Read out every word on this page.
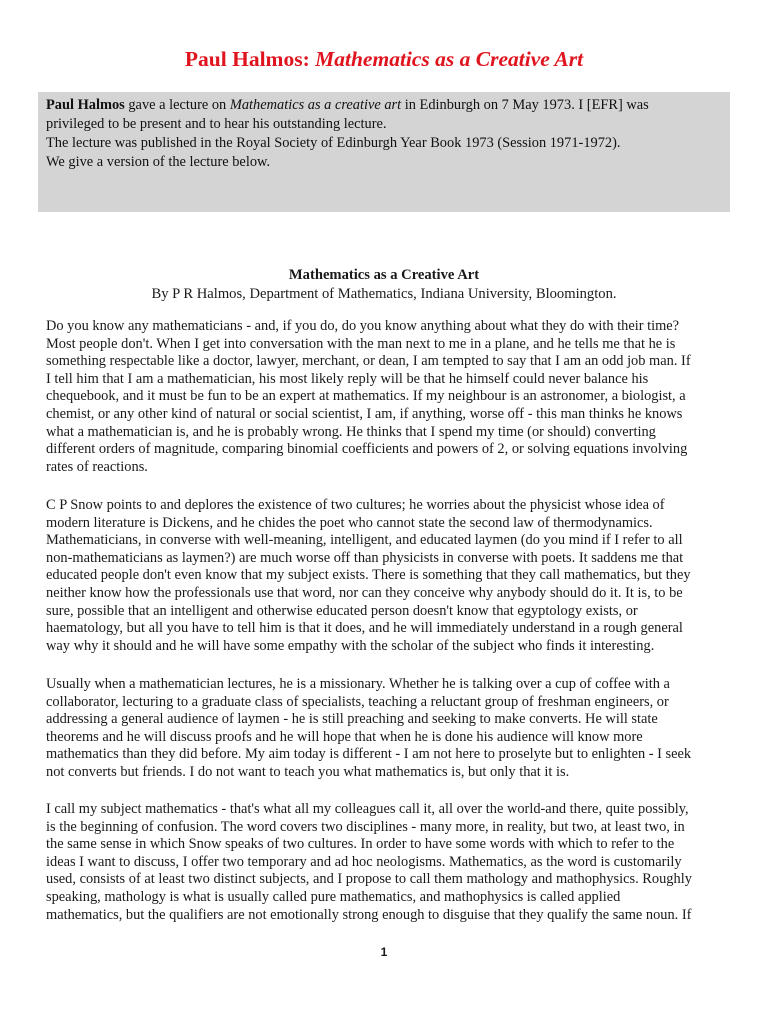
Paul Halmos: Mathematics as a Creative Art
Paul Halmos gave a lecture on Mathematics as a creative art in Edinburgh on 7 May 1973. I [EFR] was
privileged to be present and to hear his outstanding lecture.
The lecture was published in the Royal Society of Edinburgh Year Book 1973 (Session 1971-1972).
We give a version of the lecture below.
Mathematics as a Creative Art
By P R Halmos, Department of Mathematics, Indiana University, Bloomington.
Do you know any mathematicians - and, if you do, do you know anything about what they do with their time?
Most people don't. When I get into conversation with the man next to me in a plane, and he tells me that he is
something respectable like a doctor, lawyer, merchant, or dean, I am tempted to say that I am an odd job man. If
I tell him that I am a mathematician, his most likely reply will be that he himself could never balance his
chequebook, and it must be fun to be an expert at mathematics. If my neighbour is an astronomer, a biologist, a
chemist, or any other kind of natural or social scientist, I am, if anything, worse off - this man thinks he knows
what a mathematician is, and he is probably wrong. He thinks that I spend my time (or should) converting
different orders of magnitude, comparing binomial coefficients and powers of 2, or solving equations involving
rates of reactions.
C P Snow points to and deplores the existence of two cultures; he worries about the physicist whose idea of
modern literature is Dickens, and he chides the poet who cannot state the second law of thermodynamics.
Mathematicians, in converse with well-meaning, intelligent, and educated laymen (do you mind if I refer to all
non-mathematicians as laymen?) are much worse off than physicists in converse with poets. It saddens me that
educated people don't even know that my subject exists. There is something that they call mathematics, but they
neither know how the professionals use that word, nor can they conceive why anybody should do it. It is, to be
sure, possible that an intelligent and otherwise educated person doesn't know that egyptology exists, or
haematology, but all you have to tell him is that it does, and he will immediately understand in a rough general
way why it should and he will have some empathy with the scholar of the subject who finds it interesting.
Usually when a mathematician lectures, he is a missionary. Whether he is talking over a cup of coffee with a
collaborator, lecturing to a graduate class of specialists, teaching a reluctant group of freshman engineers, or
addressing a general audience of laymen - he is still preaching and seeking to make converts. He will state
theorems and he will discuss proofs and he will hope that when he is done his audience will know more
mathematics than they did before. My aim today is different - I am not here to proselyte but to enlighten - I seek
not converts but friends. I do not want to teach you what mathematics is, but only that it is.
I call my subject mathematics - that's what all my colleagues call it, all over the world-and there, quite possibly,
is the beginning of confusion. The word covers two disciplines - many more, in reality, but two, at least two, in
the same sense in which Snow speaks of two cultures. In order to have some words with which to refer to the
ideas I want to discuss, I offer two temporary and ad hoc neologisms. Mathematics, as the word is customarily
used, consists of at least two distinct subjects, and I propose to call them mathology and mathophysics. Roughly
speaking, mathology is what is usually called pure mathematics, and mathophysics is called applied
mathematics, but the qualifiers are not emotionally strong enough to disguise that they qualify the same noun. If
1
